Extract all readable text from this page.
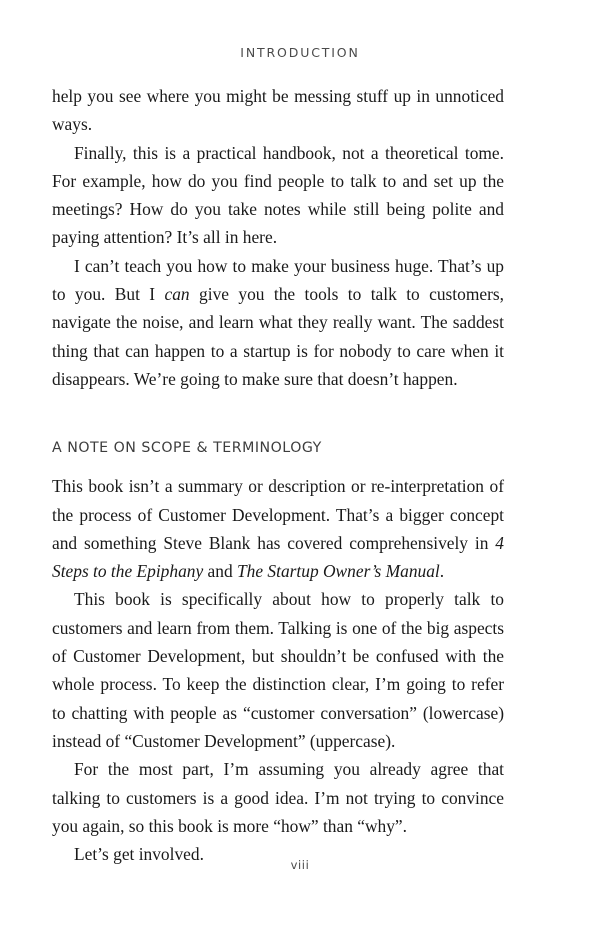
INTRODUCTION

help you see where you might be messing stuff up in unnoticed ways.

Finally, this is a practical handbook, not a theoretical tome. For example, how do you find people to talk to and set up the meetings? How do you take notes while still being polite and paying attention? It’s all in here.

I can’t teach you how to make your business huge. That’s up to you. But I can give you the tools to talk to customers, navigate the noise, and learn what they really want. The saddest thing that can happen to a startup is for nobody to care when it disappears. We’re going to make sure that doesn’t happen.

A NOTE ON SCOPE & TERMINOLOGY

This book isn’t a summary or description or re-interpretation of the process of Customer Development. That’s a bigger concept and something Steve Blank has covered comprehensively in 4 Steps to the Epiphany and The Startup Owner’s Manual.

This book is specifically about how to properly talk to customers and learn from them. Talking is one of the big aspects of Customer Development, but shouldn’t be confused with the whole process. To keep the distinction clear, I’m going to refer to chatting with people as “customer conversation” (lowercase) instead of “Customer Development” (uppercase).

For the most part, I’m assuming you already agree that talking to customers is a good idea. I’m not trying to convince you again, so this book is more “how” than “why”.

Let’s get involved.

viii
